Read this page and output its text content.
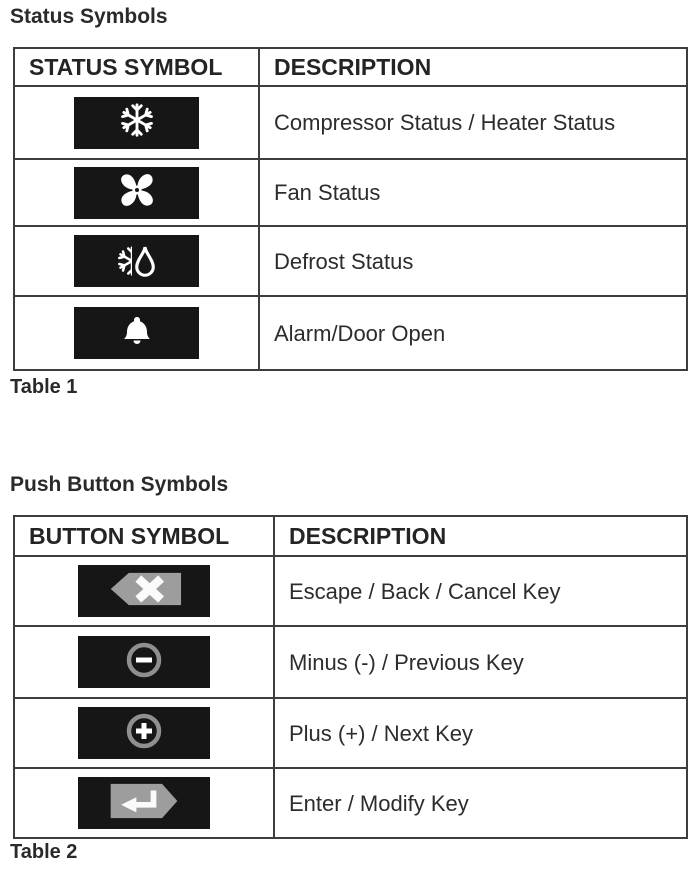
Status Symbols
STATUS SYMBOL	DESCRIPTION

	Compressor Status / Heater Status

	Fan Status

	Defrost Status

	Alarm/Door Open
Table 1
Push Button Symbols
BUTTON SYMBOL	DESCRIPTION

	Escape / Back / Cancel Key

	Minus (-) / Previous Key

	Plus (+) / Next Key

	Enter / Modify Key
Table 2
